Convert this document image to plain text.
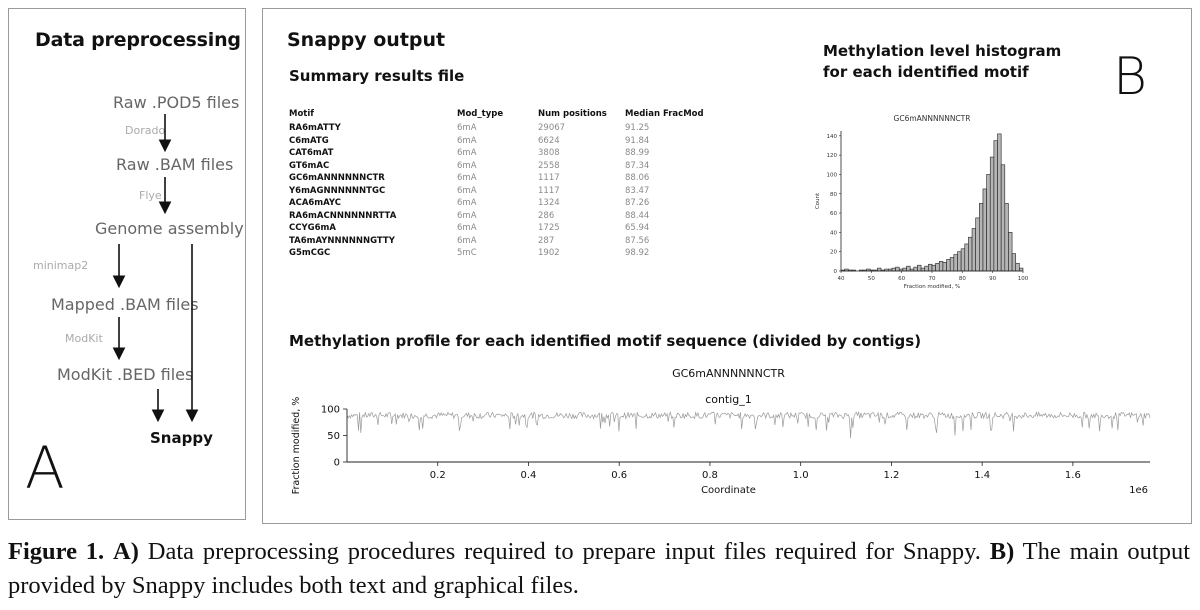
Data preprocessing
Raw .POD5 files
Dorado
Raw .BAM files
Flye
Genome assembly
minimap2
Mapped .BAM files
ModKit
ModKit .BED files
Snappy
A
Snappy output
Summary results file
Motif	Mod_type	Num positions	Median FracMod
RA6mATTY	6mA	29067	91.25
C6mATG	6mA	6624	91.84
CAT6mAT	6mA	3808	88.99
GT6mAC	6mA	2558	87.34
GC6mANNNNNNCTR	6mA	1117	88.06
Y6mAGNNNNNNTGC	6mA	1117	83.47
ACA6mAYC	6mA	1324	87.26
RA6mACNNNNNNRTTA	6mA	286	88.44
CCYG6mA	6mA	1725	65.94
TA6mAYNNNNNNGTTY	6mA	287	87.56
G5mCGC	5mC	1902	98.92
Methylation level histogram
for each identified motif	B
GC6mANNNNNNCTR
40	50	60	70	80	90	100
0
20
40
60
80
100
120
140
Fraction modified, %
Count
Methylation profile for each identified motif sequence (divided by contigs)
GC6mANNNNNNCTR
contig_1
0.2	0.4	0.6	0.8	1.0	1.2	1.4	1.6
0
50
100
Coordinate	1e6
Fraction modified, %
Figure 1. A) Data preprocessing procedures required to prepare input files required for Snappy. B) The main output provided by Snappy includes both text and graphical files.
